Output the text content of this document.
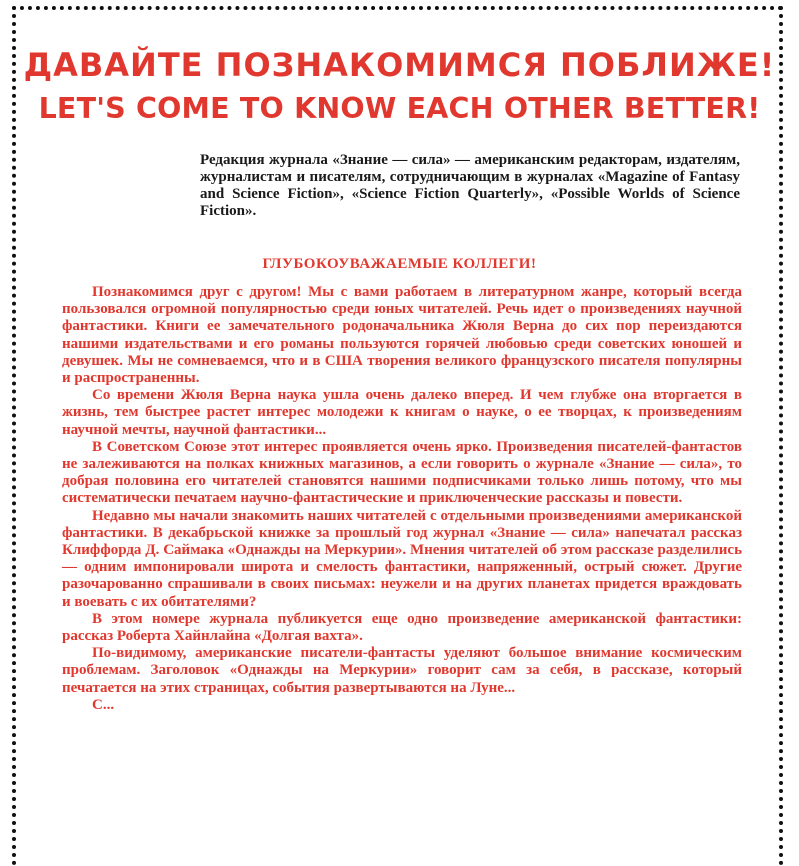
ДАВАЙТЕ ПОЗНАКОМИМСЯ ПОБЛИЖЕ!
LET'S COME TO KNOW EACH OTHER BETTER!
Редакция журнала «Знание — сила» — американским редакторам, издателям, журналистам и писателям, сотрудничающим в журналах «Magazine of Fantasy and Science Fiction», «Science Fiction Quarterly», «Possible Worlds of Science Fiction».
ГЛУБОКОУВАЖАЕМЫЕ КОЛЛЕГИ!

Познакомимся друг с другом! Мы с вами работаем в литературном жанре, который всегда пользовался огромной популярностью среди юных читателей. Речь идет о произведениях научной фантастики. Книги ее замечательного родоначальника Жюля Верна до сих пор переиздаются нашими издательствами и его романы пользуются горячей любовью среди советских юношей и девушек. Мы не сомневаемся, что и в США творения великого французского писателя популярны и распространенны.

Со времени Жюля Верна наука ушла очень далеко вперед. И чем глубже она вторгается в жизнь, тем быстрее растет интерес молодежи к книгам о науке, о ее творцах, к произведениям научной мечты, научной фантастики...

В Советском Союзе этот интерес проявляется очень ярко. Произведения писателей-фантастов не залеживаются на полках книжных магазинов, а если говорить о журнале «Знание — сила», то добрая половина его читателей становятся нашими подписчиками только лишь потому, что мы систематически печатаем научно-фантастические и приключенческие рассказы и повести.

Недавно мы начали знакомить наших читателей с отдельными произведениями американской фантастики. В декабрьской книжке за прошлый год журнал «Знание — сила» напечатал рассказ Клиффорда Д. Саймака «Однажды на Меркурии». Мнения читателей об этом рассказе разделились — одним импонировали широта и смелость фантастики, напряженный, острый сюжет. Другие разочарованно спрашивали в своих письмах: неужели и на других планетах придется враждовать и воевать с их обитателями?

В этом номере журнала публикуется еще одно произведение американской фантастики: рассказ Роберта Хайнлайна «Долгая вахта».

По-видимому, американские писатели-фантасты уделяют большое внимание космическим проблемам. Заголовок «Однажды на Меркурии» говорит сам за себя, в рассказе, который печатается на этих страницах, события развертываются на Луне...

С...
